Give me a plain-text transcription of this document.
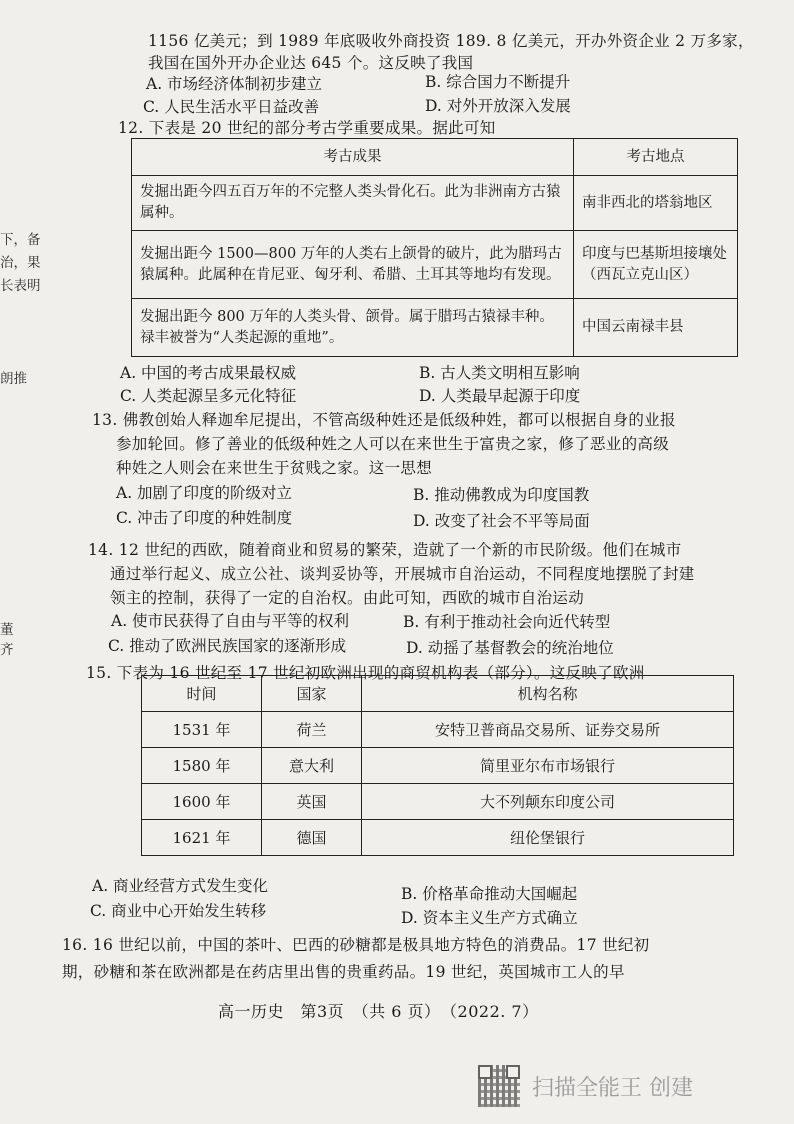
1156 亿美元；到 1989 年底吸收外商投资 189. 8 亿美元，开办外资企业 2 万多家，
我国在国外开办企业达 645 个。这反映了我国
A. 市场经济体制初步建立	B. 综合国力不断提升
C. 人民生活水平日益改善	D. 对外开放深入发展
12. 下表是 20 世纪的部分考古学重要成果。据此可知
考古成果	考古地点
发掘出距今四五百万年的不完整人类头骨化石。此为非洲南方古猿属种。	南非西北的塔翁地区
发掘出距今 1500—800 万年的人类右上颌骨的破片，此为腊玛古猿属种。此属种在肯尼亚、匈牙利、希腊、土耳其等地均有发现。	印度与巴基斯坦接壤处（西瓦立克山区）
发掘出距今 800 万年的人类头骨、颌骨。属于腊玛古猿禄丰种。禄丰被誉为“人类起源的重地”。	中国云南禄丰县
A. 中国的考古成果最权威	B. 古人类文明相互影响
C. 人类起源呈多元化特征	D. 人类最早起源于印度
13. 佛教创始人释迦牟尼提出，不管高级种姓还是低级种姓，都可以根据自身的业报
参加轮回。修了善业的低级种姓之人可以在来世生于富贵之家，修了恶业的高级
种姓之人则会在来世生于贫贱之家。这一思想
A. 加剧了印度的阶级对立	B. 推动佛教成为印度国教
C. 冲击了印度的种姓制度	D. 改变了社会不平等局面
14. 12 世纪的西欧，随着商业和贸易的繁荣，造就了一个新的市民阶级。他们在城市
通过举行起义、成立公社、谈判妥协等，开展城市自治运动，不同程度地摆脱了封建
领主的控制，获得了一定的自治权。由此可知，西欧的城市自治运动
A. 使市民获得了自由与平等的权利	B. 有利于推动社会向近代转型
C. 推动了欧洲民族国家的逐渐形成	D. 动摇了基督教会的统治地位
15. 下表为 16 世纪至 17 世纪初欧洲出现的商贸机构表（部分）。这反映了欧洲
时间	国家	机构名称
1531 年	荷兰	安特卫普商品交易所、证券交易所
1580 年	意大利	简里亚尔布市场银行
1600 年	英国	大不列颠东印度公司
1621 年	德国	纽伦堡银行
A. 商业经营方式发生变化	B. 价格革命推动大国崛起
C. 商业中心开始发生转移	D. 资本主义生产方式确立
16. 16 世纪以前，中国的茶叶、巴西的砂糖都是极具地方特色的消费品。17 世纪初
期，砂糖和茶在欧洲都是在药店里出售的贵重药品。19 世纪，英国城市工人的早
下，备
治，果
长表明
朗推
董
齐
高一历史　第3页　（共 6 页）　（2022. 7）
扫描全能王 创建
